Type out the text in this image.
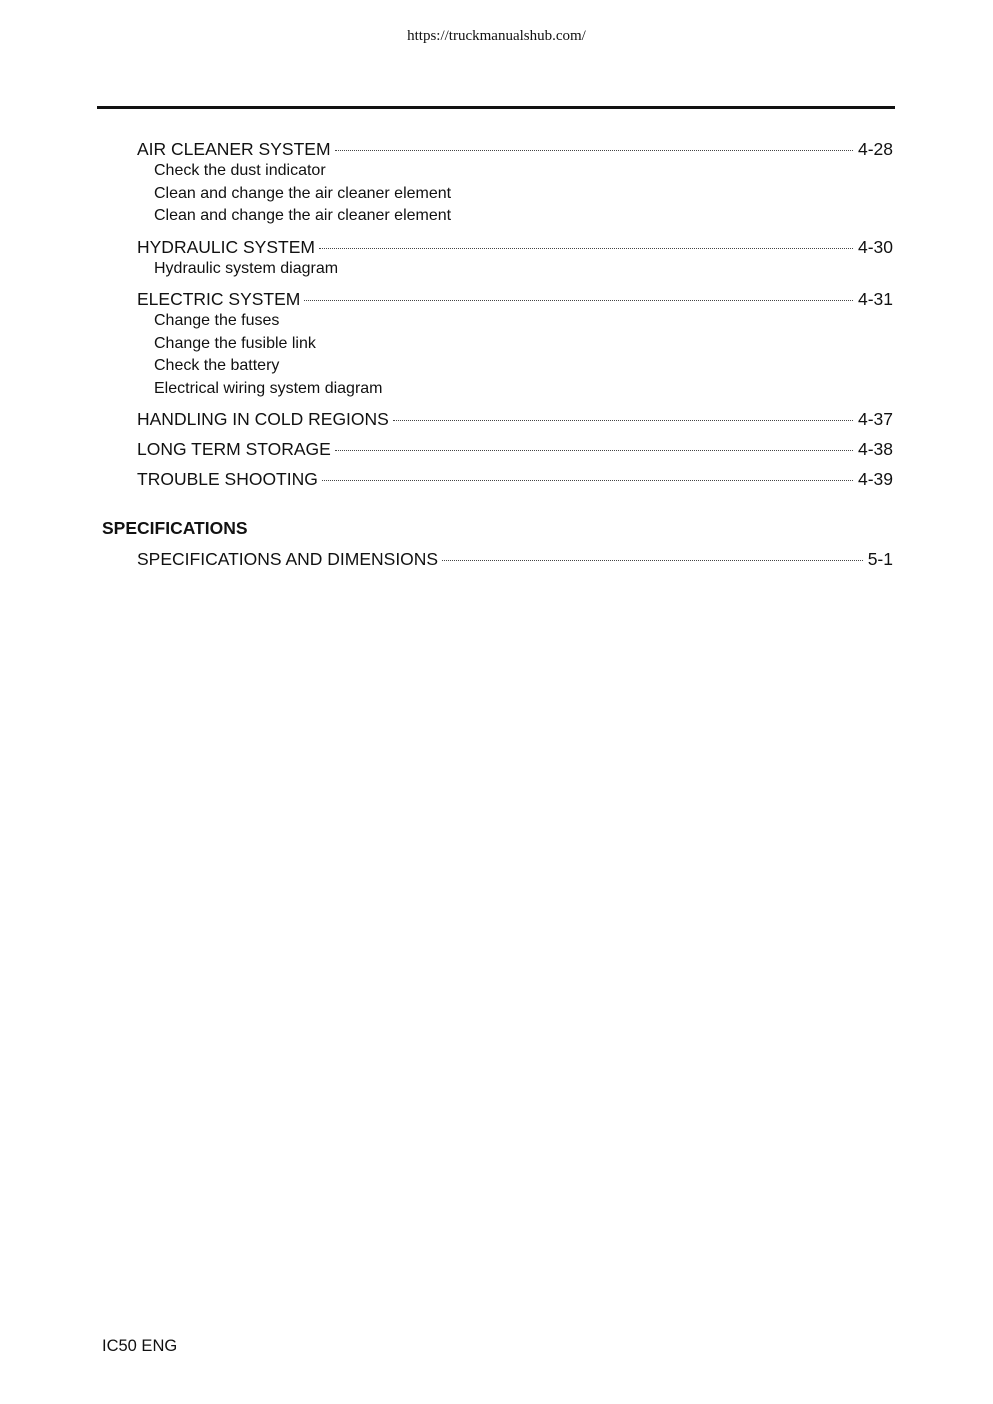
https://truckmanualshub.com/
AIR CLEANER SYSTEM	4-28
Check the dust indicator
Clean and change the air cleaner element
Clean and change the air cleaner element
HYDRAULIC SYSTEM	4-30
Hydraulic system diagram
ELECTRIC SYSTEM	4-31
Change the fuses
Change the fusible link
Check the battery
Electrical wiring system diagram
HANDLING IN COLD REGIONS	4-37
LONG TERM STORAGE	4-38
TROUBLE SHOOTING	4-39
SPECIFICATIONS
SPECIFICATIONS AND DIMENSIONS	5-1
IC50 ENG
